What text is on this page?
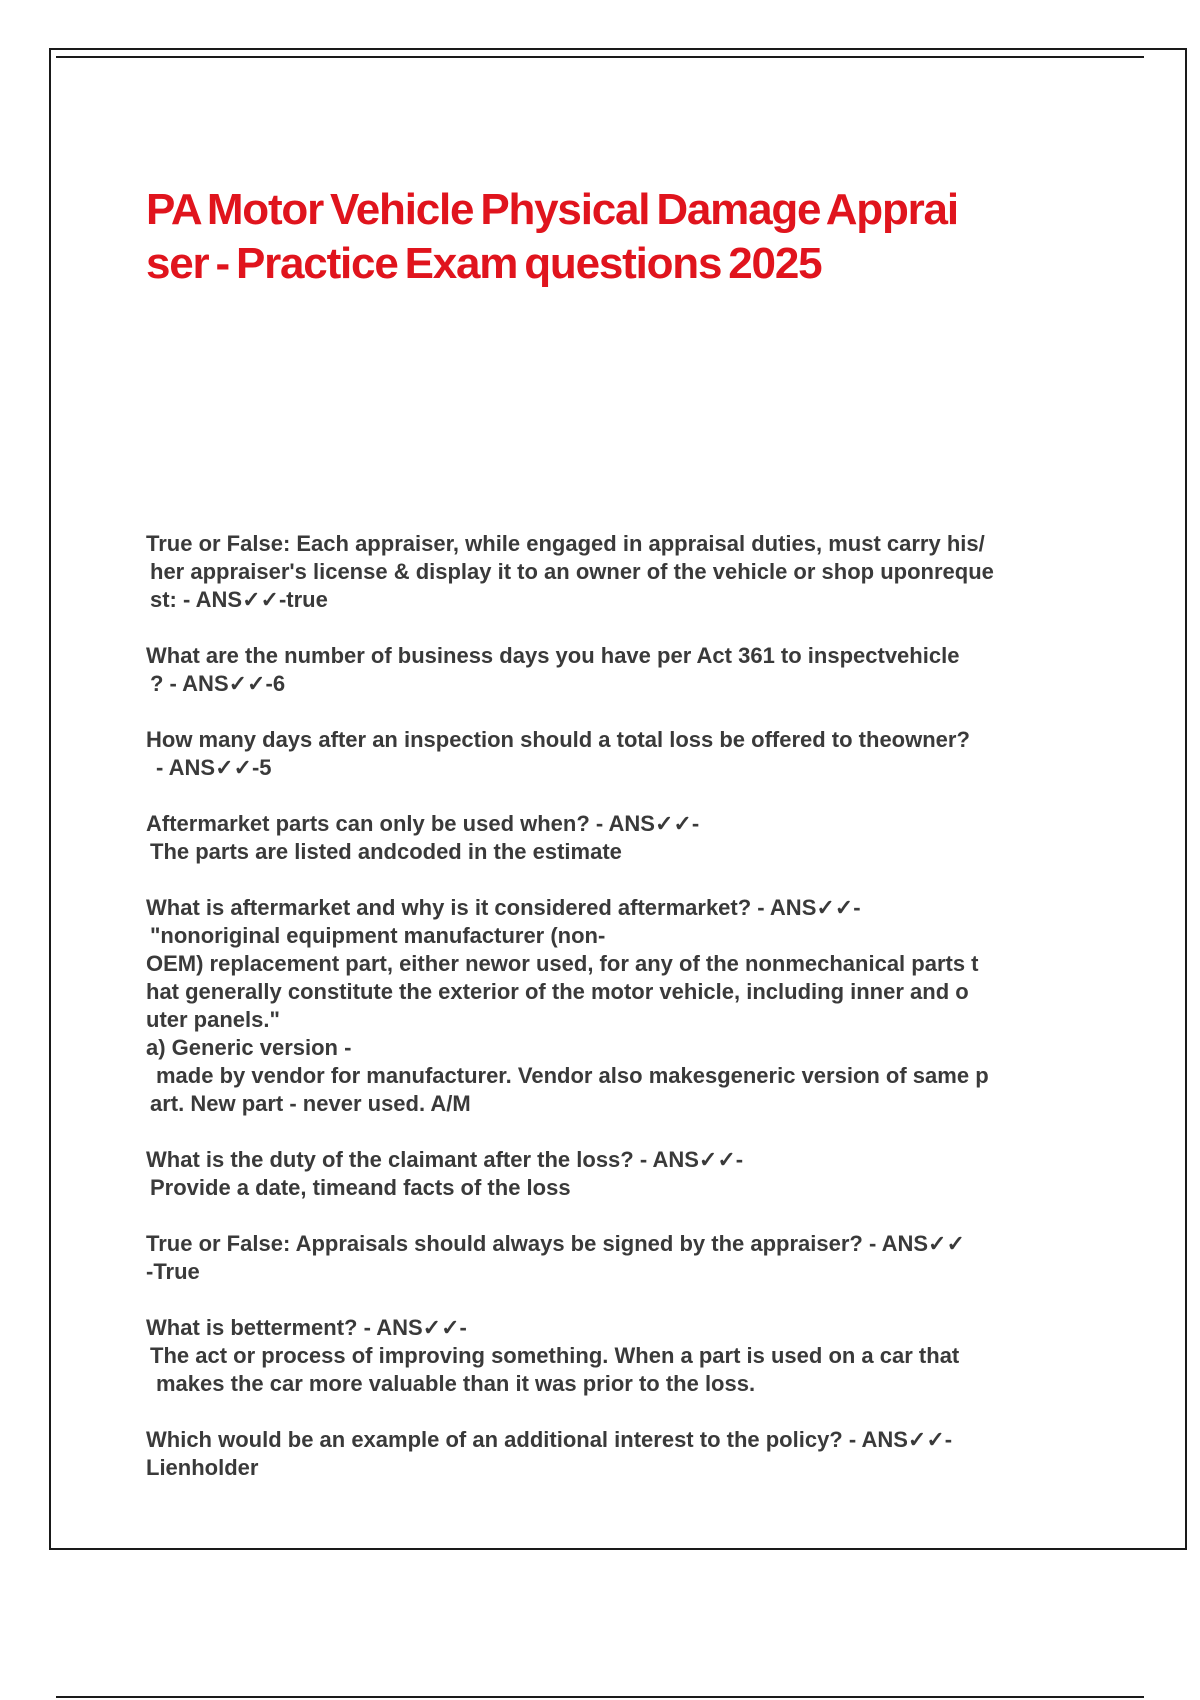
PA Motor Vehicle Physical Damage Apprai
ser - Practice Exam questions 2025
True or False: Each appraiser, while engaged in appraisal duties, must carry his/
her appraiser's license & display it to an owner of the vehicle or shop uponreque
st: - ANS✓✓-true
What are the number of business days you have per Act 361 to inspectvehicle
? - ANS✓✓-6
How many days after an inspection should a total loss be offered to theowner?
- ANS✓✓-5
Aftermarket parts can only be used when? - ANS✓✓-
The parts are listed andcoded in the estimate
What is aftermarket and why is it considered aftermarket? - ANS✓✓-
"nonoriginal equipment manufacturer (non-
OEM) replacement part, either newor used, for any of the nonmechanical parts t
hat generally constitute the exterior of the motor vehicle, including inner and o
uter panels."
a) Generic version -
made by vendor for manufacturer. Vendor also makesgeneric version of same p
art. New part - never used. A/M
What is the duty of the claimant after the loss? - ANS✓✓-
Provide a date, timeand facts of the loss
True or False: Appraisals should always be signed by the appraiser? - ANS✓✓
-True
What is betterment? - ANS✓✓-
The act or process of improving something. When a part is used on a car that
makes the car more valuable than it was prior to the loss.
Which would be an example of an additional interest to the policy? - ANS✓✓-
Lienholder
